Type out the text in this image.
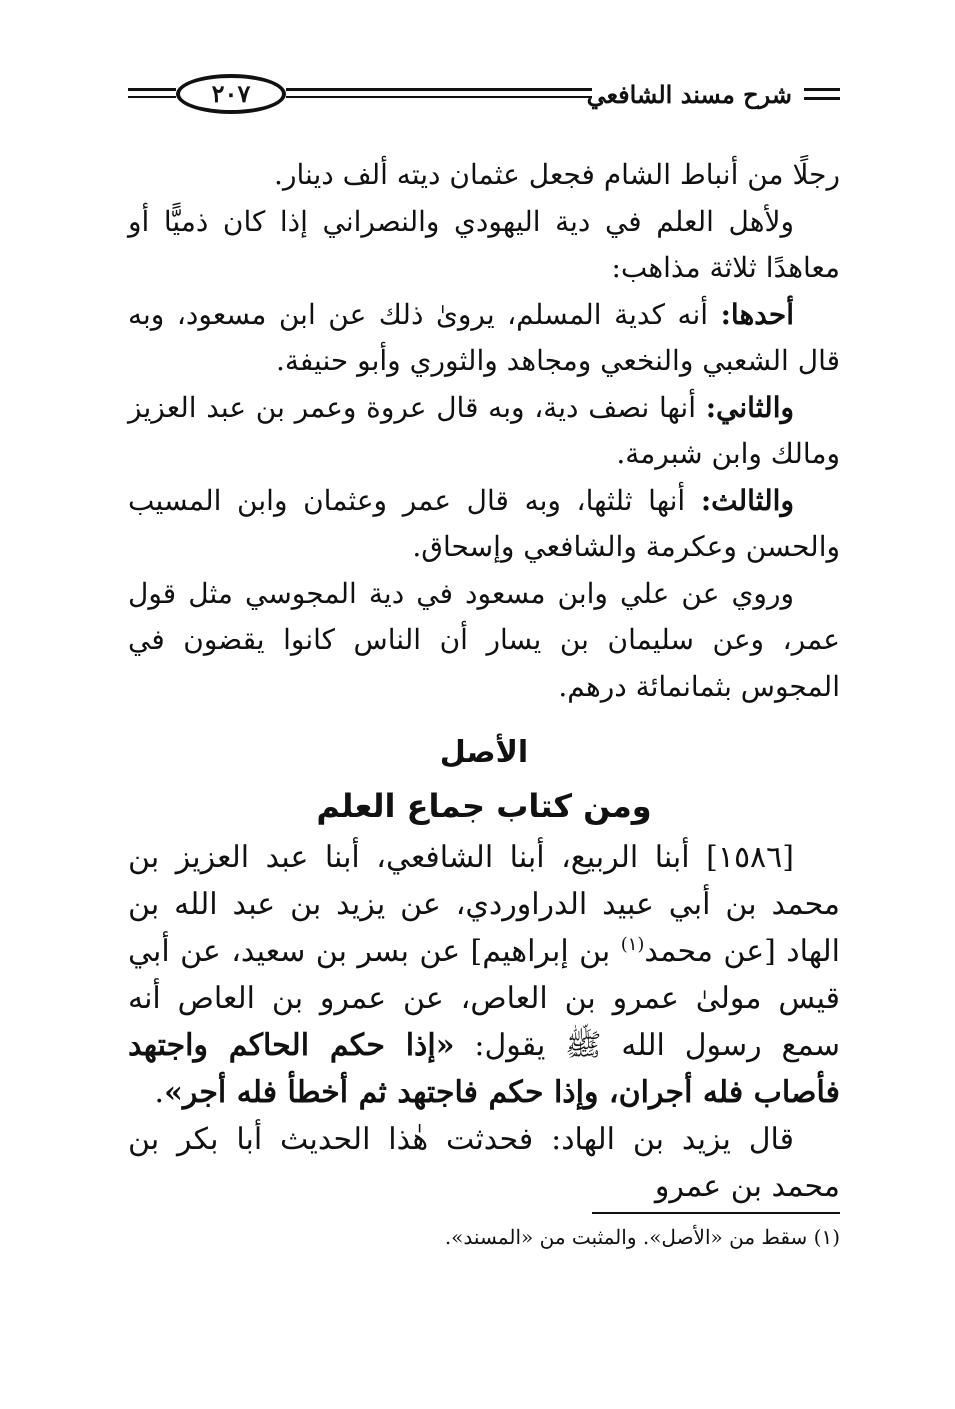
٢٠٧	شرح مسند الشافعي

رجلًا من أنباط الشام فجعل عثمان ديته ألف دينار.

ولأهل العلم في دية اليهودي والنصراني إذا كان ذميًّا أو معاهدًا ثلاثة مذاهب:

أحدها: أنه كدية المسلم، يروىٰ ذلك عن ابن مسعود، وبه قال الشعبي والنخعي ومجاهد والثوري وأبو حنيفة.

والثاني: أنها نصف دية، وبه قال عروة وعمر بن عبد العزيز ومالك وابن شبرمة.

والثالث: أنها ثلثها، وبه قال عمر وعثمان وابن المسيب والحسن وعكرمة والشافعي وإسحاق.

وروي عن علي وابن مسعود في دية المجوسي مثل قول عمر، وعن سليمان بن يسار أن الناس كانوا يقضون في المجوس بثمانمائة درهم.

الأصل
ومن كتاب جماع العلم

[١٥٨٦] أبنا الربيع، أبنا الشافعي، أبنا عبد العزيز بن محمد بن أبي عبيد الدراوردي، عن يزيد بن عبد الله بن الهاد [عن محمد$^{(١)}$ بن إبراهيم] عن بسر بن سعيد، عن أبي قيس مولىٰ عمرو بن العاص، عن عمرو بن العاص أنه سمع رسول الله ﷺ يقول: «إذا حكم الحاكم واجتهد فأصاب فله أجران، وإذا حكم فاجتهد ثم أخطأ فله أجر».

قال يزيد بن الهاد: فحدثت هٰذا الحديث أبا بكر بن محمد بن عمرو

(١) سقط من «الأصل». والمثبت من «المسند».
